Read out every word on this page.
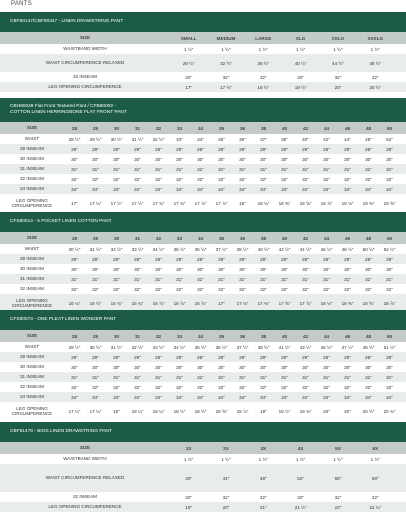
PANTS
CBF80147/CBF80347 - LINEN DRAWSTRING PANT
SIZE	SMALL	MEDIUM	LARGE	XLG	XXLG	XXXLG
WAISTBAND WIDTH	1 ½"	1 ½"	1 ½"	1 ½"	1 ½"	1 ½"
WAIST CIRCUMFERENCE RELAXED	29 ½"	32 ½"	36 ½"	40 ½"	44 ½"	48 ½"
32 INSEAM	32"	32"	32"	32"	32"	32"
LEG OPENING CIRCUMFERENCE	17"	17 ½"	18 ½"	19 ½"	20"	20 ½"
CBH80049 Flat Front Textured Pant / CFB80002 -
COTTON LINEN HERRINGBONE FLAT FRONT PANT
SIZE	28	29	30	31	32	33	34	35	36	38	40	42	44	46	48	50
WAIST	28 ½"	29 ½"	30 ½"	31 ½"	32 ½"	33"	34"	35"	36"	37"	38"	40"	42"	44"	48"	52"
29 INSEAM	29"	29"	29"	29"	29"	29"	29"	29"	29"	29"	29"	29"	29"	29"	29"	29"
30 INSEAM	30"	30"	30"	30"	30"	30"	30"	30"	30"	30"	30"	30"	30"	30"	30"	30"
31 INSEAM	31"	31"	31"	31"	31"	31"	31"	31"	31"	31"	31"	31"	31"	31"	31"	31"
32 INSEAM	32"	32"	32"	32"	32"	32"	32"	32"	32"	32"	32"	32"	32"	32"	32"	32"
34 INSEAM	34"	34"	34"	34"	34"	34"	34"	34"	34"	34"	34"	34"	34"	34"	34"	34"
LEG OPENING CIRCUMFERENCE	17"	17 ¼"	17 ½"	17 ½"	17 ¾"	17 ¾"	17 ⅞"	17 ⅞"	18"	18 ⅛"	18 ⅜"	18 ⅝"	18 ⅞"	19 ⅛"	19 ⅜"	19 ⅝"
CFS80014 - 5 POCKET LINEN COTTON PANT
SIZE	28	29	30	31	32	33	34	35	36	38	40	42	44	46	48	50
WAIST	30 ½"	31 ½"	32 ½"	33 ½"	34 ½"	35 ½"	36 ½"	37 ½"	38 ½"	40 ½"	42 ½"	44 ½"	46 ½"	48 ½"	50 ½"	52 ½"
29 INSEAM	29"	29"	29"	29"	29"	29"	29"	29"	29"	29"	29"	29"	29"	29"	29"	29"
30 INSEAM	30"	30"	30"	30"	30"	30"	30"	30"	30"	30"	30"	30"	30"	30"	30"	30"
31 INSEAM	31"	31"	31"	31"	31"	31"	31"	31"	31"	31"	31"	31"	31"	31"	31"	31"
32 INSEAM	32"	32"	32"	32"	32"	32"	32"	32"	32"	32"	32"	32"	32"	32"	32"	32"
LEG OPENING CIRCUMFERENCE	16 ¼"	16 ½"	16 ¾"	16 ¾"	16 ⅞"	16 ⅞"	16 ⅞"	17"	17 ⅛"	17 ⅜"	17 ⅝"	17 ⅞"	18 ⅛"	18 ⅜"	18 ⅝"	18 ⅞"
CFS80073 - ONE PLEAT LINEN WONDER PANT
SIZE	28	29	30	31	32	33	34	35	36	38	40	42	44	46	48	50
WAIST	29 ½"	30 ½"	31 ½"	32 ½"	33 ½"	34 ½"	35 ½"	36 ½"	37 ½"	39 ½"	41 ½"	43 ½"	45 ½"	47 ½"	49 ½"	51 ½"
29 INSEAM	29"	29"	29"	29"	29"	29"	29"	29"	29"	29"	29"	29"	29"	29"	29"	29"
30 INSEAM	30"	30"	30"	30"	30"	30"	30"	30"	30"	30"	30"	30"	30"	30"	30"	30"
31 INSEAM	31"	31"	31"	31"	31"	31"	31"	31"	31"	31"	31"	31"	31"	31"	31"	31"
32 INSEAM	32"	32"	32"	32"	32"	32"	32"	32"	32"	32"	32"	32"	32"	32"	32"	32"
34 INSEAM	34"	34"	34"	34"	34"	34"	34"	34"	34"	34"	34"	34"	34"	34"	34"	34"
LEG OPENING CIRCUMFERENCE	17 ¼"	17 ¼"	18"	18 ¼"	18 ¼"	18 ½"	18 ½"	18 ⅝"	18 ⅞"	19"	19 ½"	19 ¾"	20"	20"	20 ½"	20 ¾"
CBF81478 - BIOS LINEN DRAWSTRING PANT
SIZE	1X	2X	3X	4X	5X	6X
WAISTBAND WIDTH	1 ½"	1 ½"	1 ½"	1 ½"	1 ½"	1 ½"
WAIST CIRCUMFERENCE RELAXED	40"	44"	48"	52"	56"	60"
32 INSEAM	32"	32"	32"	32"	32"	32"
LEG OPENING CIRCUMFERENCE	19"	20"	21"	21 ½"	22"	22 ¼"
